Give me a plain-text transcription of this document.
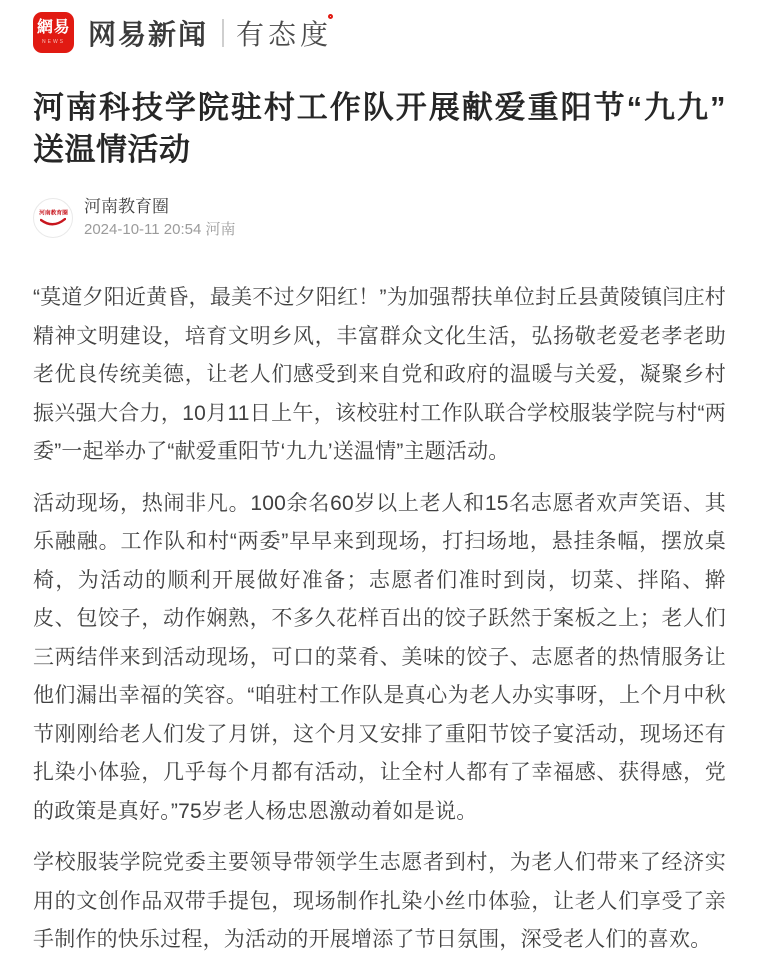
網易
NEWS 网易新闻 有态度
河南科技学院驻村工作队开展献爱重阳节“九九”送温情活动
河南教育圈 河南教育圈
2024-10-11 20:54 河南

“莫道夕阳近黄昏，最美不过夕阳红！”为加强帮扶单位封丘县黄陵镇闫庄村精神文明建设，培育文明乡风，丰富群众文化生活，弘扬敬老爱老孝老助老优良传统美德，让老人们感受到来自党和政府的温暖与关爱，凝聚乡村振兴强大合力，10月11日上午，该校驻村工作队联合学校服装学院与村“两委”一起举办了“献爱重阳节‘九九’送温情”主题活动。

活动现场，热闹非凡。100余名60岁以上老人和15名志愿者欢声笑语、其乐融融。工作队和村“两委”早早来到现场，打扫场地，悬挂条幅，摆放桌椅，为活动的顺利开展做好准备；志愿者们准时到岗，切菜、拌陷、擀皮、包饺子，动作娴熟，不多久花样百出的饺子跃然于案板之上；老人们三两结伴来到活动现场，可口的菜肴、美味的饺子、志愿者的热情服务让他们漏出幸福的笑容。“咱驻村工作队是真心为老人办实事呀，上个月中秋节刚刚给老人们发了月饼，这个月又安排了重阳节饺子宴活动，现场还有扎染小体验，几乎每个月都有活动，让全村人都有了幸福感、获得感，党的政策是真好。”75岁老人杨忠恩激动着如是说。

学校服装学院党委主要领导带领学生志愿者到村，为老人们带来了经济实用的文创作品双带手提包，现场制作扎染小丝巾体验，让老人们享受了亲手制作的快乐过程，为活动的开展增添了节日氛围，深受老人们的喜欢。
